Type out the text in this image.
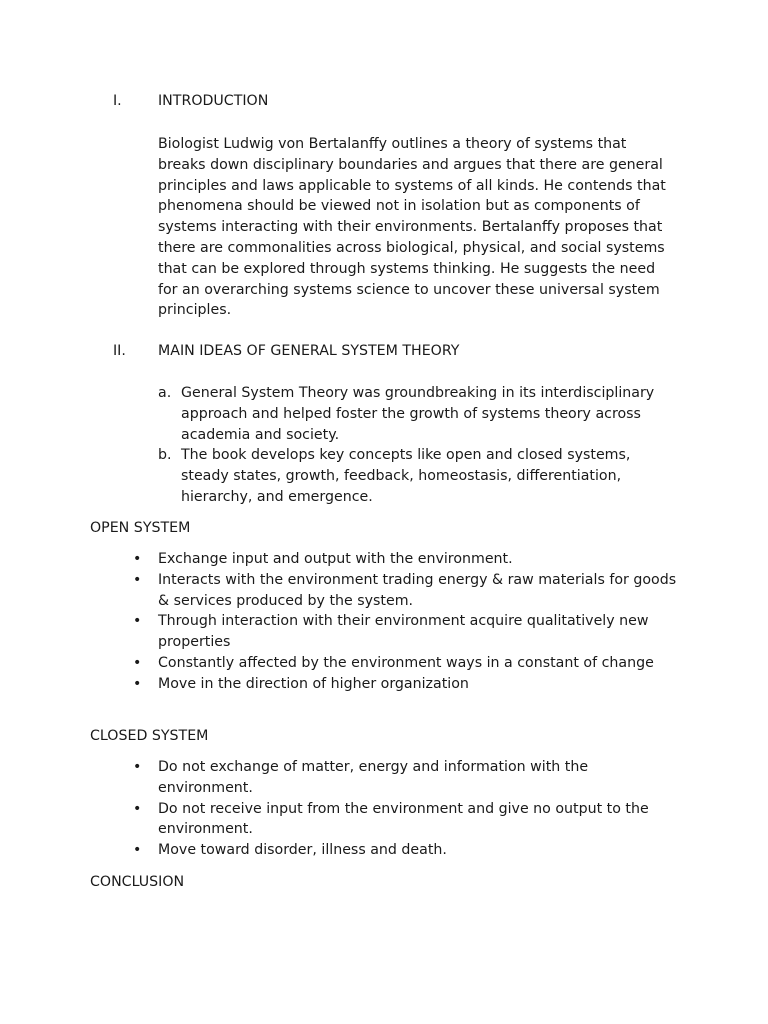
I.	INTRODUCTION

Biologist Ludwig von Bertalanffy outlines a theory of systems that breaks down disciplinary boundaries and argues that there are general principles and laws applicable to systems of all kinds. He contends that phenomena should be viewed not in isolation but as components of systems interacting with their environments. Bertalanffy proposes that there are commonalities across biological, physical, and social systems that can be explored through systems thinking. He suggests the need for an overarching systems science to uncover these universal system principles.

II. MAIN IDEAS OF GENERAL SYSTEM THEORY
a. General System Theory was groundbreaking in its interdisciplinary approach and helped foster the growth of systems theory across academia and society.
b. The book develops key concepts like open and closed systems, steady states, growth, feedback, homeostasis, differentiation, hierarchy, and emergence.

OPEN SYSTEM

• Exchange input and output with the environment.
• Interacts with the environment trading energy & raw materials for goods & services produced by the system.
• Through interaction with their environment acquire qualitatively new properties
• Constantly affected by the environment ways in a constant of change
• Move in the direction of higher organization

CLOSED SYSTEM

• Do not exchange of matter, energy and information with the environment.
• Do not receive input from the environment and give no output to the environment.
• Move toward disorder, illness and death.

CONCLUSION
